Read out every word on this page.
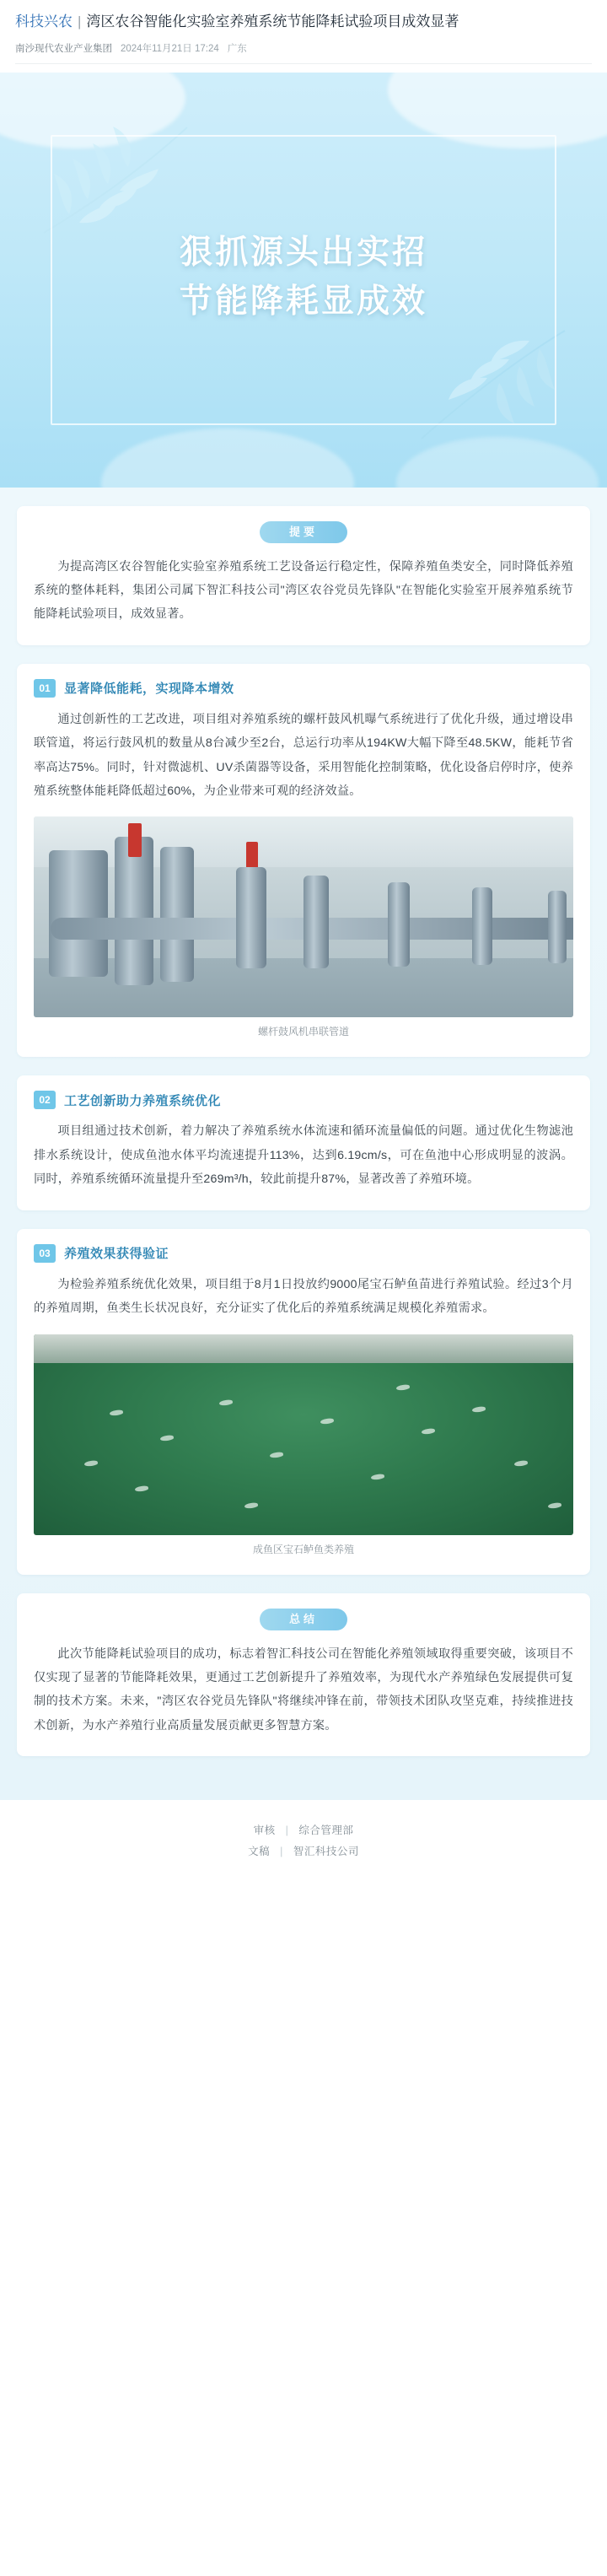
科技兴农 | 湾区农谷智能化实验室养殖系统节能降耗试验项目成效显著
南沙现代农业产业集团 2024年11月21日 17:24 广东
狠抓源头出实招
节能降耗显成效
提要
为提高湾区农谷智能化实验室养殖系统工艺设备运行稳定性，保障养殖鱼类安全，同时降低养殖系统的整体耗料，集团公司属下智汇科技公司"湾区农谷党员先锋队"在智能化实验室开展养殖系统节能降耗试验项目，成效显著。
01	显著降低能耗，实现降本增效
通过创新性的工艺改进，项目组对养殖系统的螺杆鼓风机曝气系统进行了优化升级，通过增设串联管道，将运行鼓风机的数量从8台减少至2台，总运行功率从194KW大幅下降至48.5KW，能耗节省率高达75%。同时，针对微滤机、UV杀菌器等设备，采用智能化控制策略，优化设备启停时序，使养殖系统整体能耗降低超过60%，为企业带来可观的经济效益。
螺杆鼓风机串联管道
02	工艺创新助力养殖系统优化
项目组通过技术创新，着力解决了养殖系统水体流速和循环流量偏低的问题。通过优化生物滤池排水系统设计，使成鱼池水体平均流速提升113%，达到6.19cm/s，可在鱼池中心形成明显的波涡。同时，养殖系统循环流量提升至269m³/h，较此前提升87%，显著改善了养殖环境。
03	养殖效果获得验证
为检验养殖系统优化效果，项目组于8月1日投放约9000尾宝石鲈鱼苗进行养殖试验。经过3个月的养殖周期，鱼类生长状况良好，充分证实了优化后的养殖系统满足规模化养殖需求。
成鱼区宝石鲈鱼类养殖
总结
此次节能降耗试验项目的成功，标志着智汇科技公司在智能化养殖领域取得重要突破，该项目不仅实现了显著的节能降耗效果，更通过工艺创新提升了养殖效率，为现代水产养殖绿色发展提供可复制的技术方案。未来，"湾区农谷党员先锋队"将继续冲锋在前，带领技术团队攻坚克难，持续推进技术创新，为水产养殖行业高质量发展贡献更多智慧方案。
审核 | 综合管理部
文稿 | 智汇科技公司
